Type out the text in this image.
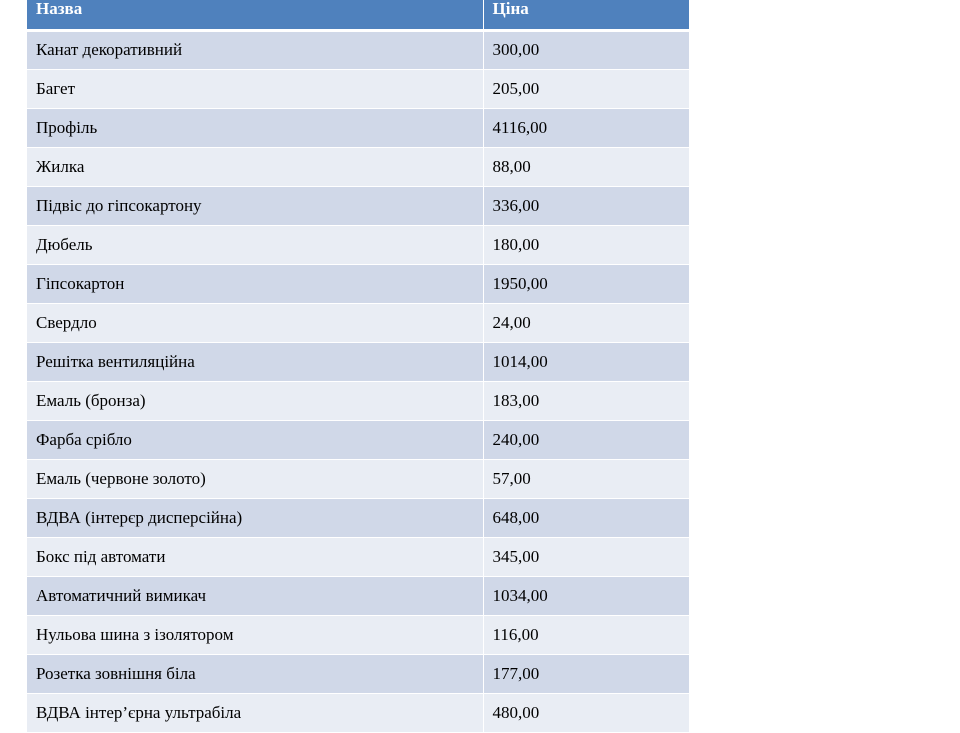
Назва	Ціна
Канат декоративний	300,00
Багет	205,00
Профіль	4116,00
Жилка	88,00
Підвіс до гіпсокартону	336,00
Дюбель	180,00
Гіпсокартон	1950,00
Свердло	24,00
Решітка вентиляційна	1014,00
Емаль (бронза)	183,00
Фарба срібло	240,00
Емаль (червоне золото)	57,00
ВДВА (інтерєр дисперсійна)	648,00
Бокс під автомати	345,00
Автоматичний вимикач	1034,00
Нульова шина з ізолятором	116,00
Розетка зовнішня біла	177,00
ВДВА інтер’єрна ультрабіла	480,00
